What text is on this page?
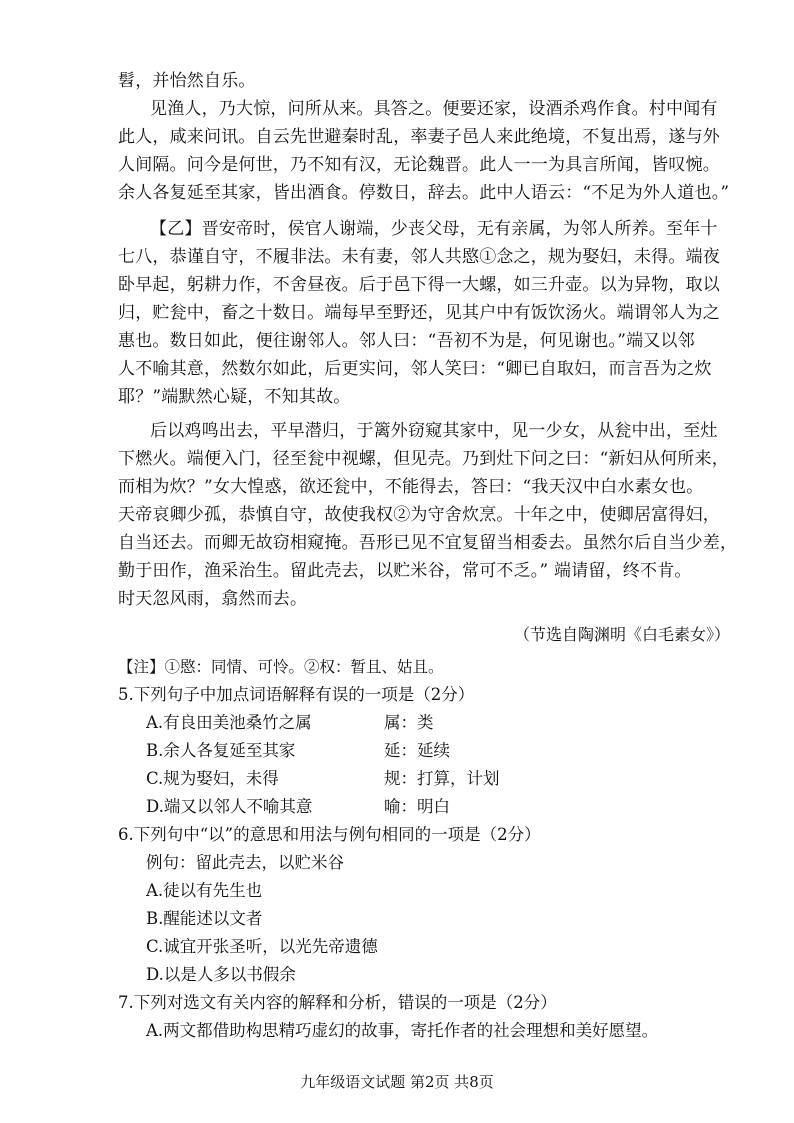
髫，并怡然自乐。
见渔人，乃大惊，问所从来。具答之。便要还家，设酒杀鸡作食。村中闻有
此人，咸来问讯。自云先世避秦时乱，率妻子邑人来此绝境，不复出焉，遂与外
人间隔。问今是何世，乃不知有汉，无论魏晋。此人一一为具言所闻，皆叹惋。
余人各复延至其家，皆出酒食。停数日，辞去。此中人语云：“不足为外人道也。”
【乙】晋安帝时，侯官人谢端，少丧父母，无有亲属，为邻人所养。至年十
七八，恭谨自守，不履非法。未有妻，邻人共愍①念之，规为娶妇，未得。端夜
卧早起，躬耕力作，不舍昼夜。后于邑下得一大螺，如三升壶。以为异物，取以
归，贮瓮中，畜之十数日。端每早至野还，见其户中有饭饮汤火。端谓邻人为之
惠也。数日如此，便往谢邻人。邻人曰：“吾初不为是，何见谢也。”端又以邻
人不喻其意，然数尔如此，后更实问，邻人笑曰：“卿已自取妇，而言吾为之炊
耶？”端默然心疑，不知其故。
后以鸡鸣出去，平早潜归，于篱外窃窥其家中，见一少女，从瓮中出，至灶
下燃火。端便入门，径至瓮中视螺，但见壳。乃到灶下问之曰：“新妇从何所来，
而相为炊？”女大惶惑，欲还瓮中，不能得去，答曰：“我天汉中白水素女也。
天帝哀卿少孤，恭慎自守，故使我权②为守舍炊烹。十年之中，使卿居富得妇，
自当还去。而卿无故窃相窥掩。吾形已见不宜复留当相委去。虽然尔后自当少差，
勤于田作，渔采治生。留此壳去，以贮米谷，常可不乏。” 端请留，终不肯。
时天忽风雨，翕然而去。
（节选自陶渊明《白毛素女》）
【注】①愍：同情、可怜。②权：暂且、姑且。
5.下列句子中加点词语解释有误的一项是（2分）
A.有良田美池桑竹之属	属：类
B.余人各复延至其家	延：延续
C.规为娶妇，未得	规：打算，计划
D.端又以邻人不喻其意	喻：明白
6.下列句中“以”的意思和用法与例句相同的一项是（2分）
例句：留此壳去，以贮米谷
A.徒以有先生也
B.醒能述以文者
C.诚宜开张圣听，以光先帝遗德
D.以是人多以书假余
7.下列对选文有关内容的解释和分析，错误的一项是（2分）
A.两文都借助构思精巧虚幻的故事，寄托作者的社会理想和美好愿望。
九年级语文试题 第2页 共8页
